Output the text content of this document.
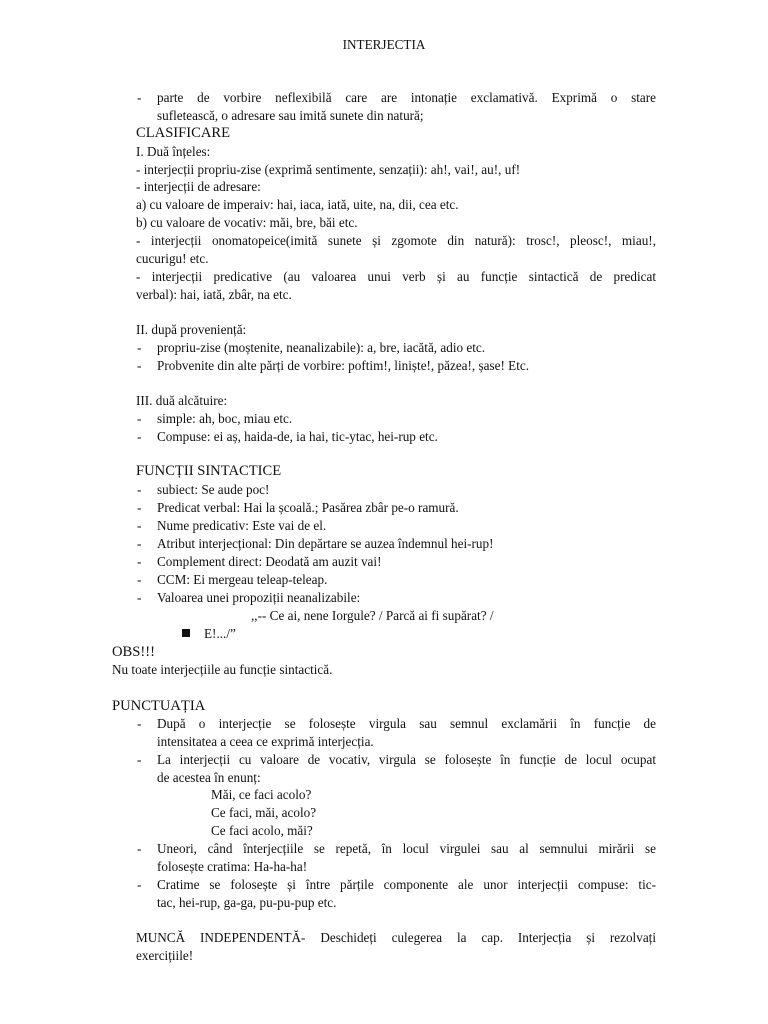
INTERJECTIA
- parte de vorbire neflexibilă care are intonație exclamativă. Exprimă o stare
sufletească, o adresare sau imită sunete din natură;
CLASIFICARE
I. Duă înțeles:
- interjecții propriu-zise (exprimă sentimente, senzații): ah!, vai!, au!, uf!
- interjecții de adresare:
a) cu valoare de imperaiv: hai, iaca, iată, uite, na, dii, cea etc.
b) cu valoare de vocativ: măi, bre, băi etc.
- interjecții onomatopeice(imită sunete și zgomote din natură): trosc!, pleosc!, miau!,
cucurigu! etc.
- interjecții predicative (au valoarea unui verb și au funcție sintactică de predicat
verbal): hai, iată, zbâr, na etc.
II. după proveniență:
- propriu-zise (moștenite, neanalizabile): a, bre, iacătă, adio etc.
- Probvenite din alte părți de vorbire: poftim!, liniște!, păzea!, șase! Etc.
III. duă alcătuire:
- simple: ah, boc, miau etc.
- Compuse: ei aș, haida-de, ia hai, tic-ytac, hei-rup etc.
FUNCȚII SINTACTICE
- subiect: Se aude poc!
- Predicat verbal: Hai la școală.; Pasărea zbâr pe-o ramură.
- Nume predicativ: Este vai de el.
- Atribut interjecțional: Din depărtare se auzea îndemnul hei-rup!
- Complement direct: Deodată am auzit vai!
- CCM: Ei mergeau teleap-teleap.
- Valoarea unei propoziții neanalizabile:
,,-- Ce ai, nene Iorgule? / Parcă ai fi supărat? /
E!.../”
OBS!!!
Nu toate interjecțiile au funcție sintactică.
PUNCTUAȚIA
- După o interjecție se folosește virgula sau semnul exclamării în funcție de
intensitatea a ceea ce exprimă interjecția.
- La interjecții cu valoare de vocativ, virgula se folosește în funcție de locul ocupat
de acestea în enunț:
Măi, ce faci acolo?
Ce faci, măi, acolo?
Ce faci acolo, măi?
- Uneori, când înterjecțiile se repetă, în locul virgulei sau al semnului mirării se
folosește cratima: Ha-ha-ha!
- Cratime se folosește și între părțile componente ale unor interjecții compuse: tic-
tac, hei-rup, ga-ga, pu-pu-pup etc.
MUNCĂ INDEPENDENTĂ- Deschideți culegerea la cap. Interjecția și rezolvați
exercițiile!
